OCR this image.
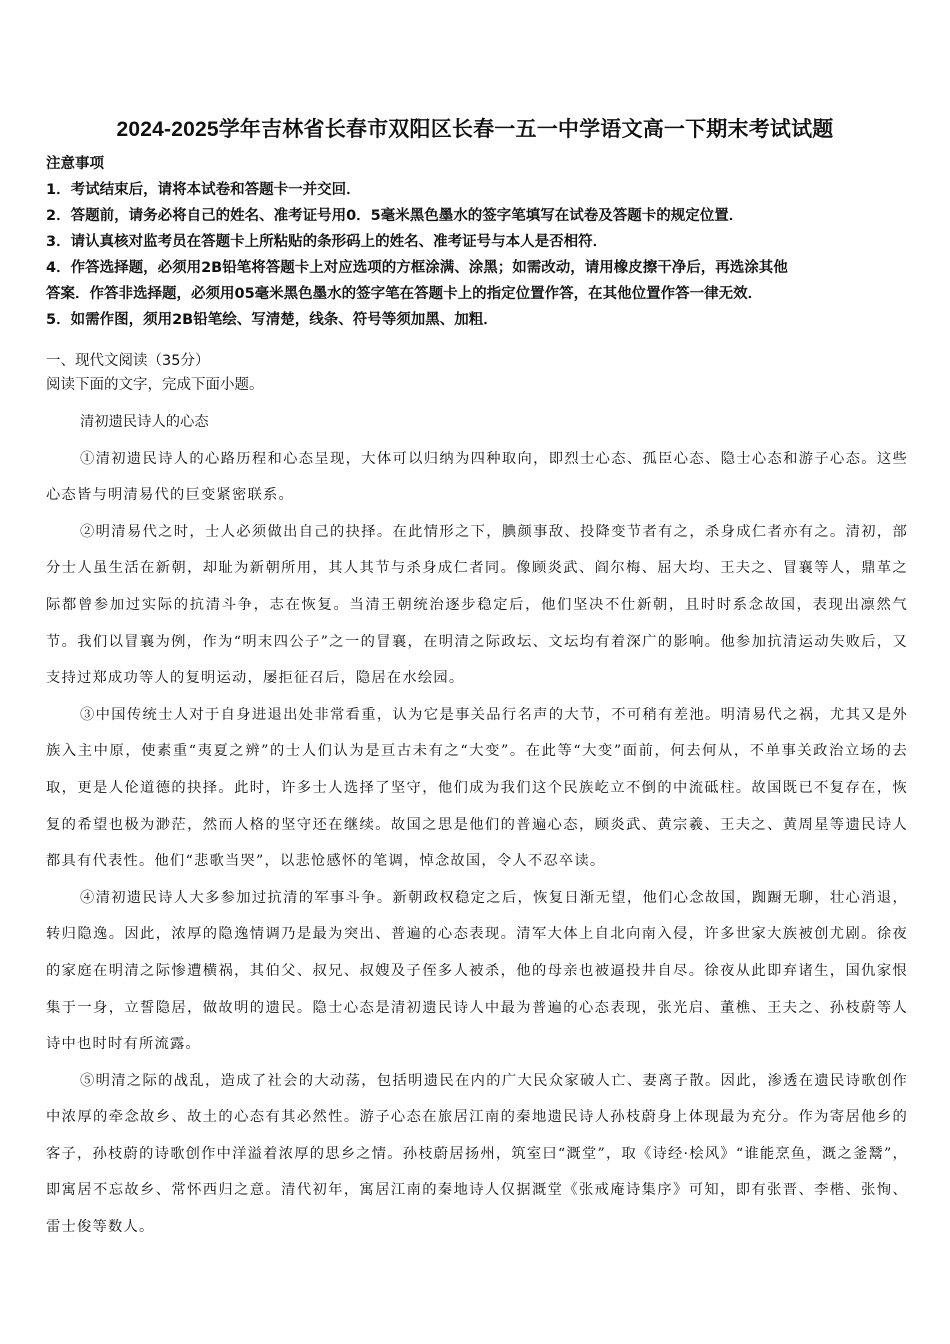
2024-2025学年吉林省长春市双阳区长春一五一中学语文高一下期末考试试题
注意事项
1．考试结束后，请将本试卷和答题卡一并交回．
2．答题前，请务必将自己的姓名、准考证号用0．5毫米黑色墨水的签字笔填写在试卷及答题卡的规定位置．
3．请认真核对监考员在答题卡上所粘贴的条形码上的姓名、准考证号与本人是否相符．
4．作答选择题，必须用2B铅笔将答题卡上对应选项的方框涂满、涂黑；如需改动，请用橡皮擦干净后，再选涂其他
答案．作答非选择题，必须用05毫米黑色墨水的签字笔在答题卡上的指定位置作答，在其他位置作答一律无效．
5．如需作图，须用2B铅笔绘、写清楚，线条、符号等须加黑、加粗．
一、现代文阅读（35分）
阅读下面的文字，完成下面小题。
清初遗民诗人的心态

①清初遗民诗人的心路历程和心态呈现，大体可以归纳为四种取向，即烈士心态、孤臣心态、隐士心态和游子心态。这些心态皆与明清易代的巨变紧密联系。

②明清易代之时，士人必须做出自己的抉择。在此情形之下，腆颜事敌、投降变节者有之，杀身成仁者亦有之。清初，部分士人虽生活在新朝，却耻为新朝所用，其人其节与杀身成仁者同。像顾炎武、阎尔梅、屈大均、王夫之、冒襄等人，鼎革之际都曾参加过实际的抗清斗争，志在恢复。当清王朝统治逐步稳定后，他们坚决不仕新朝，且时时系念故国，表现出凛然气节。我们以冒襄为例，作为“明末四公子”之一的冒襄，在明清之际政坛、文坛均有着深广的影响。他参加抗清运动失败后，又支持过郑成功等人的复明运动，屡拒征召后，隐居在水绘园。

③中国传统士人对于自身进退出处非常看重，认为它是事关品行名声的大节，不可稍有差池。明清易代之祸，尤其又是外族入主中原，使素重“夷夏之辨”的士人们认为是亘古未有之“大变”。在此等“大变”面前，何去何从，不单事关政治立场的去取，更是人伦道德的抉择。此时，许多士人选择了坚守，他们成为我们这个民族屹立不倒的中流砥柱。故国既已不复存在，恢复的希望也极为渺茫，然而人格的坚守还在继续。故国之思是他们的普遍心态，顾炎武、黄宗羲、王夫之、黄周星等遗民诗人都具有代表性。他们“悲歌当哭”，以悲怆感怀的笔调，悼念故国，令人不忍卒读。

④清初遗民诗人大多参加过抗清的军事斗争。新朝政权稳定之后，恢复日渐无望，他们心念故国，踟蹰无聊，壮心消退，转归隐逸。因此，浓厚的隐逸情调乃是最为突出、普遍的心态表现。清军大体上自北向南入侵，许多世家大族被创尤剧。徐夜的家庭在明清之际惨遭横祸，其伯父、叔兄、叔嫂及子侄多人被杀，他的母亲也被逼投井自尽。徐夜从此即弃诸生，国仇家恨集于一身，立誓隐居，做故明的遗民。隐士心态是清初遗民诗人中最为普遍的心态表现，张光启、董樵、王夫之、孙枝蔚等人诗中也时时有所流露。

⑤明清之际的战乱，造成了社会的大动荡，包括明遗民在内的广大民众家破人亡、妻离子散。因此，渗透在遗民诗歌创作中浓厚的牵念故乡、故土的心态有其必然性。游子心态在旅居江南的秦地遗民诗人孙枝蔚身上体现最为充分。作为寄居他乡的客子，孙枝蔚的诗歌创作中洋溢着浓厚的思乡之情。孙枝蔚居扬州，筑室曰“溉堂”，取《诗经·桧风》“谁能烹鱼，溉之釜鬵”，即寓居不忘故乡、常怀西归之意。清代初年，寓居江南的秦地诗人仅据溉堂《张戒庵诗集序》可知，即有张晋、李楷、张恂、雷士俊等数人。
